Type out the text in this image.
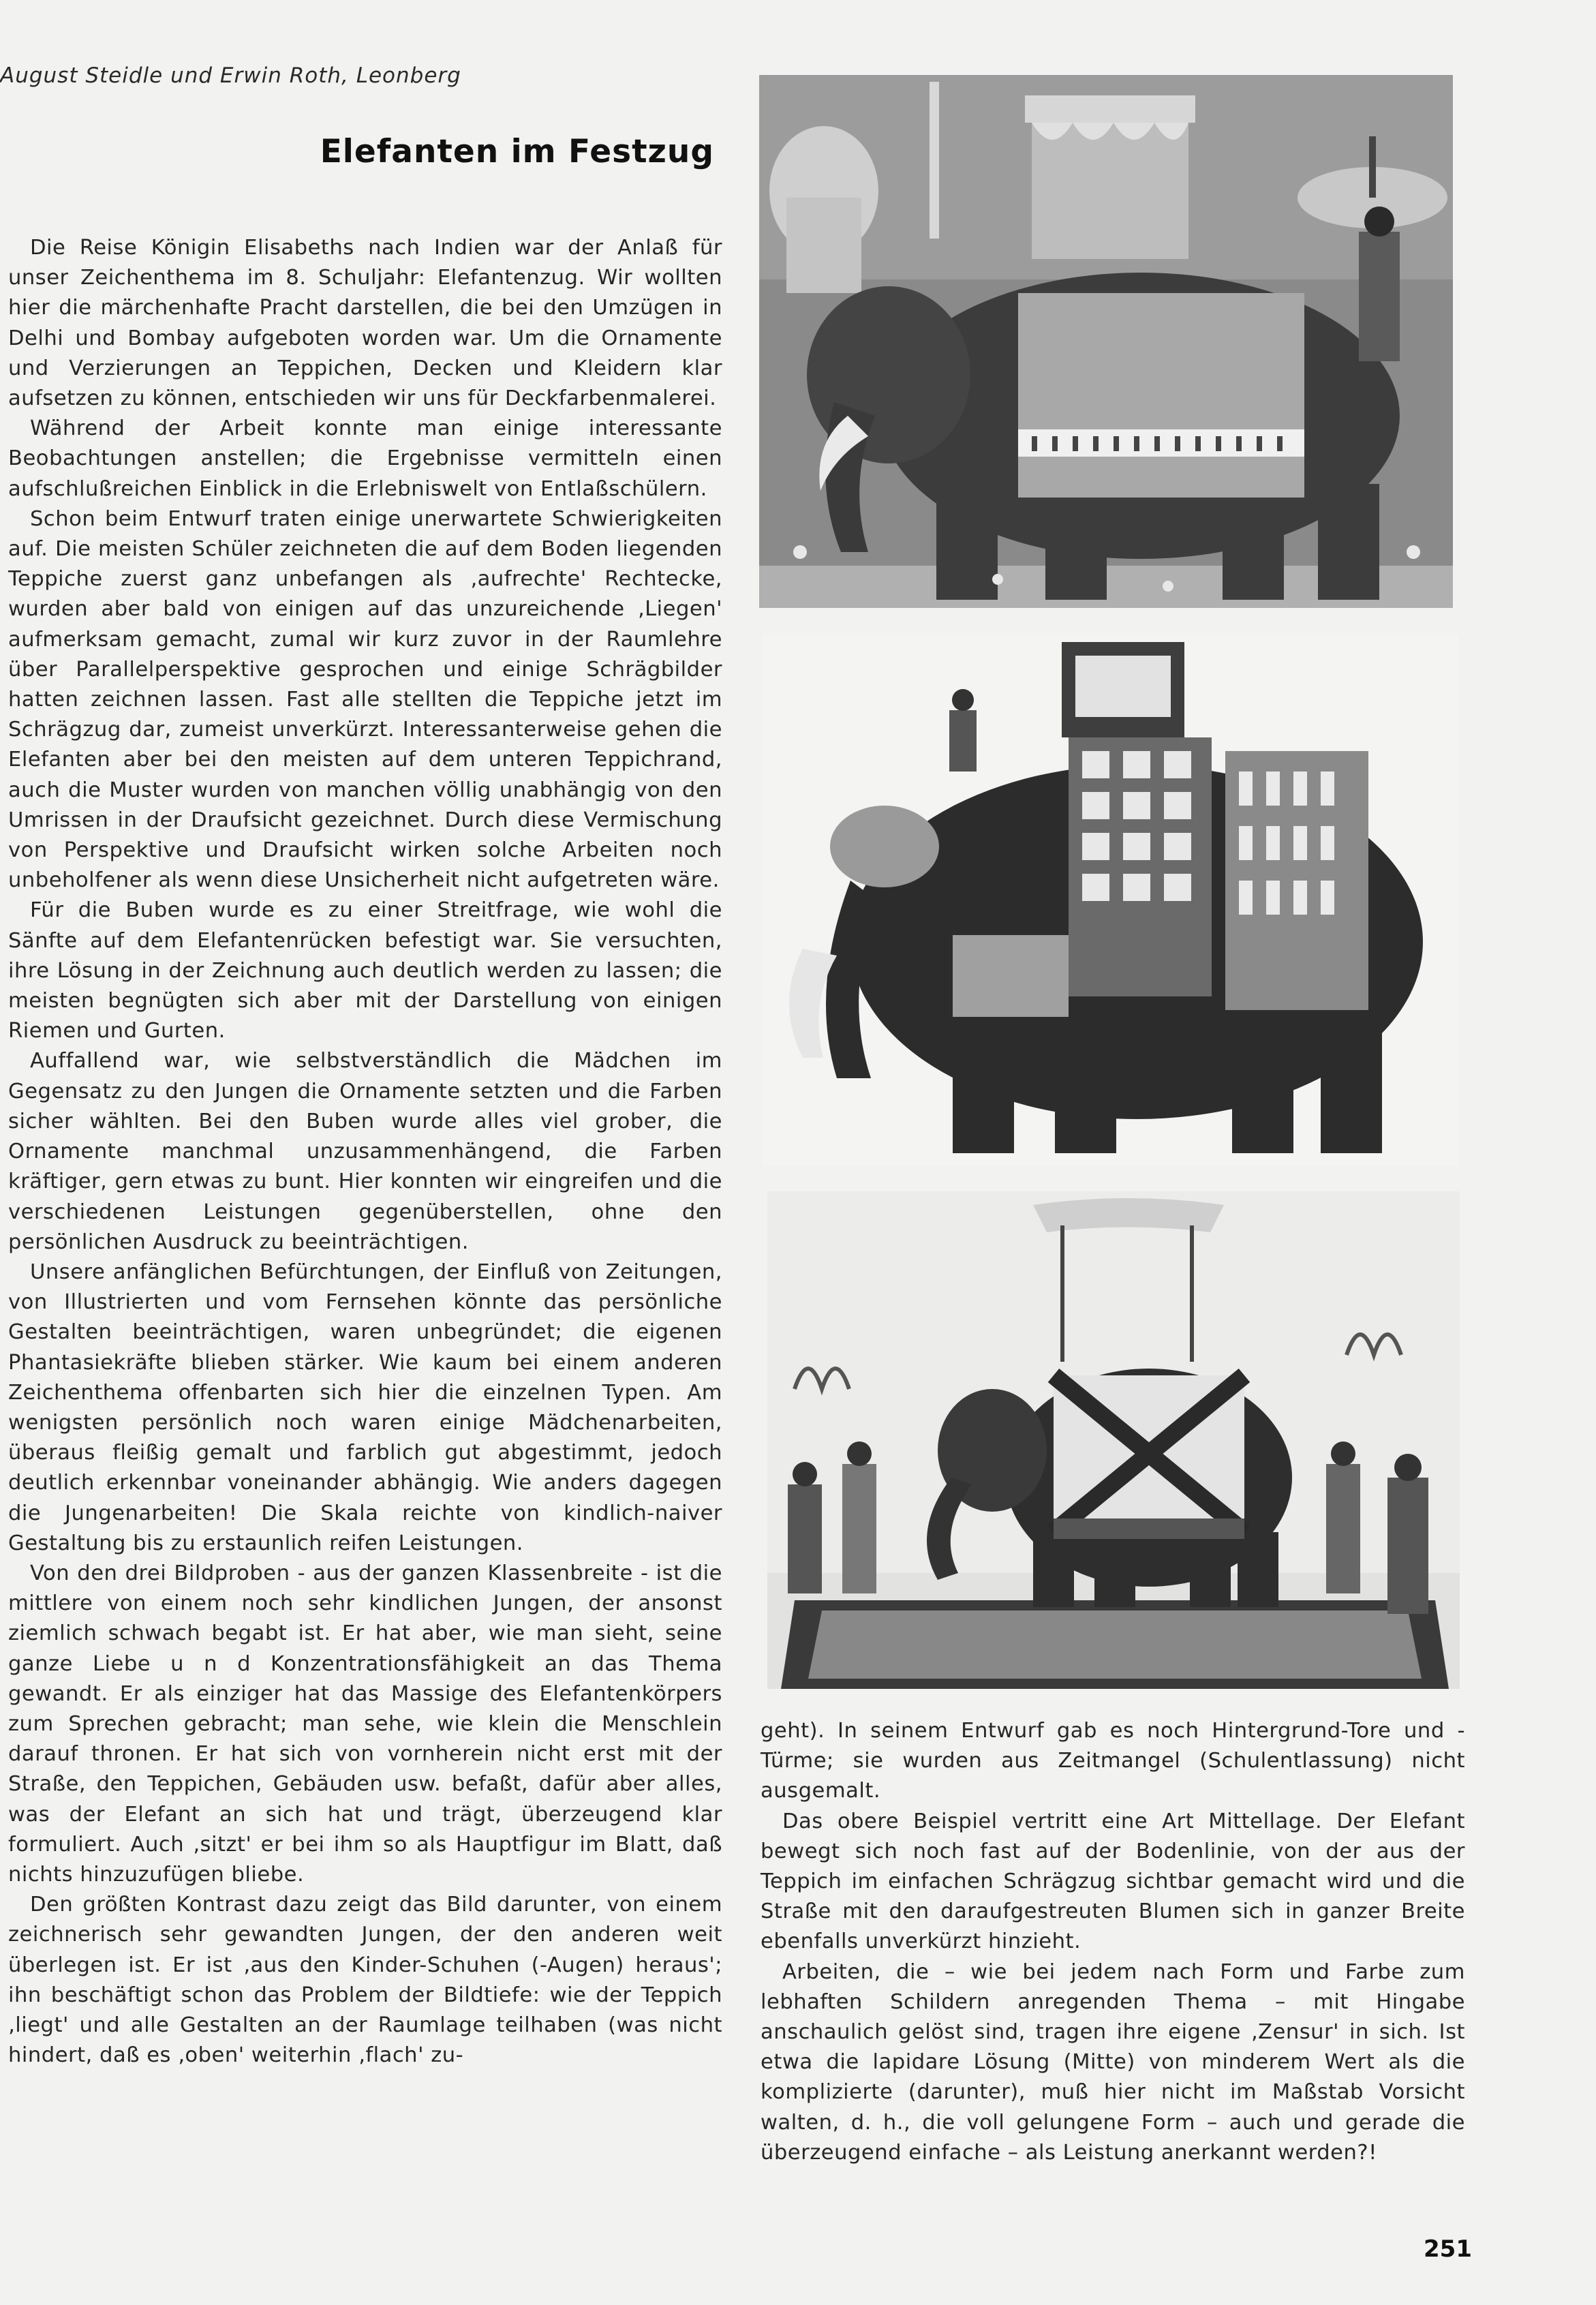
August Steidle und Erwin Roth, Leonberg
Elefanten im Festzug

Die Reise Königin Elisabeths nach Indien war der Anlaß für unser Zeichenthema im 8. Schuljahr: Elefantenzug. Wir wollten hier die märchenhafte Pracht darstellen, die bei den Umzügen in Delhi und Bombay aufgeboten worden war. Um die Ornamente und Verzierungen an Teppichen, Decken und Kleidern klar aufsetzen zu können, entschieden wir uns für Deckfarbenmalerei.

Während der Arbeit konnte man einige interessante Beobachtungen anstellen; die Ergebnisse vermitteln einen aufschlußreichen Einblick in die Erlebniswelt von Entlaßschülern.

Schon beim Entwurf traten einige unerwartete Schwierigkeiten auf. Die meisten Schüler zeichneten die auf dem Boden liegenden Teppiche zuerst ganz unbefangen als ‚aufrechte' Rechtecke, wurden aber bald von einigen auf das unzureichende ‚Liegen' aufmerksam gemacht, zumal wir kurz zuvor in der Raumlehre über Parallelperspektive gesprochen und einige Schrägbilder hatten zeichnen lassen. Fast alle stellten die Teppiche jetzt im Schrägzug dar, zumeist unverkürzt. Interessanterweise gehen die Elefanten aber bei den meisten auf dem unteren Teppichrand, auch die Muster wurden von manchen völlig unabhängig von den Umrissen in der Draufsicht gezeichnet. Durch diese Vermischung von Perspektive und Draufsicht wirken solche Arbeiten noch unbeholfener als wenn diese Unsicherheit nicht aufgetreten wäre.

Für die Buben wurde es zu einer Streitfrage, wie wohl die Sänfte auf dem Elefantenrücken befestigt war. Sie versuchten, ihre Lösung in der Zeichnung auch deutlich werden zu lassen; die meisten begnügten sich aber mit der Darstellung von einigen Riemen und Gurten.

Auffallend war, wie selbstverständlich die Mädchen im Gegensatz zu den Jungen die Ornamente setzten und die Farben sicher wählten. Bei den Buben wurde alles viel grober, die Ornamente manchmal unzusammenhängend, die Farben kräftiger, gern etwas zu bunt. Hier konnten wir eingreifen und die verschiedenen Leistungen gegenüberstellen, ohne den persönlichen Ausdruck zu beeinträchtigen.

Unsere anfänglichen Befürchtungen, der Einfluß von Zeitungen, von Illustrierten und vom Fernsehen könnte das persönliche Gestalten beeinträchtigen, waren unbegründet; die eigenen Phantasiekräfte blieben stärker. Wie kaum bei einem anderen Zeichenthema offenbarten sich hier die einzelnen Typen. Am wenigsten persönlich noch waren einige Mädchenarbeiten, überaus fleißig gemalt und farblich gut abgestimmt, jedoch deutlich erkennbar voneinander abhängig. Wie anders dagegen die Jungenarbeiten! Die Skala reichte von kindlich-naiver Gestaltung bis zu erstaunlich reifen Leistungen.

Von den drei Bildproben - aus der ganzen Klassenbreite - ist die mittlere von einem noch sehr kindlichen Jungen, der ansonst ziemlich schwach begabt ist. Er hat aber, wie man sieht, seine ganze Liebe u n d Konzentrationsfähigkeit an das Thema gewandt. Er als einziger hat das Massige des Elefantenkörpers zum Sprechen gebracht; man sehe, wie klein die Menschlein darauf thronen. Er hat sich von vornherein nicht erst mit der Straße, den Teppichen, Gebäuden usw. befaßt, dafür aber alles, was der Elefant an sich hat und trägt, überzeugend klar formuliert. Auch ‚sitzt' er bei ihm so als Hauptfigur im Blatt, daß nichts hinzuzufügen bliebe.

Den größten Kontrast dazu zeigt das Bild darunter, von einem zeichnerisch sehr gewandten Jungen, der den anderen weit überlegen ist. Er ist ‚aus den Kinder-Schuhen (-Augen) heraus'; ihn beschäftigt schon das Problem der Bildtiefe: wie der Teppich ‚liegt' und alle Gestalten an der Raumlage teilhaben (was nicht hindert, daß es ‚oben' weiterhin ‚flach' zu-

geht). In seinem Entwurf gab es noch Hintergrund-Tore und -Türme; sie wurden aus Zeitmangel (Schulentlassung) nicht ausgemalt.

Das obere Beispiel vertritt eine Art Mittellage. Der Elefant bewegt sich noch fast auf der Bodenlinie, von der aus der Teppich im einfachen Schrägzug sichtbar gemacht wird und die Straße mit den daraufgestreuten Blumen sich in ganzer Breite ebenfalls unverkürzt hinzieht.

Arbeiten, die – wie bei jedem nach Form und Farbe zum lebhaften Schildern anregenden Thema – mit Hingabe anschaulich gelöst sind, tragen ihre eigene ‚Zensur' in sich. Ist etwa die lapidare Lösung (Mitte) von minderem Wert als die komplizierte (darunter), muß hier nicht im Maßstab Vorsicht walten, d. h., die voll gelungene Form – auch und gerade die überzeugend einfache – als Leistung anerkannt werden?!

251
